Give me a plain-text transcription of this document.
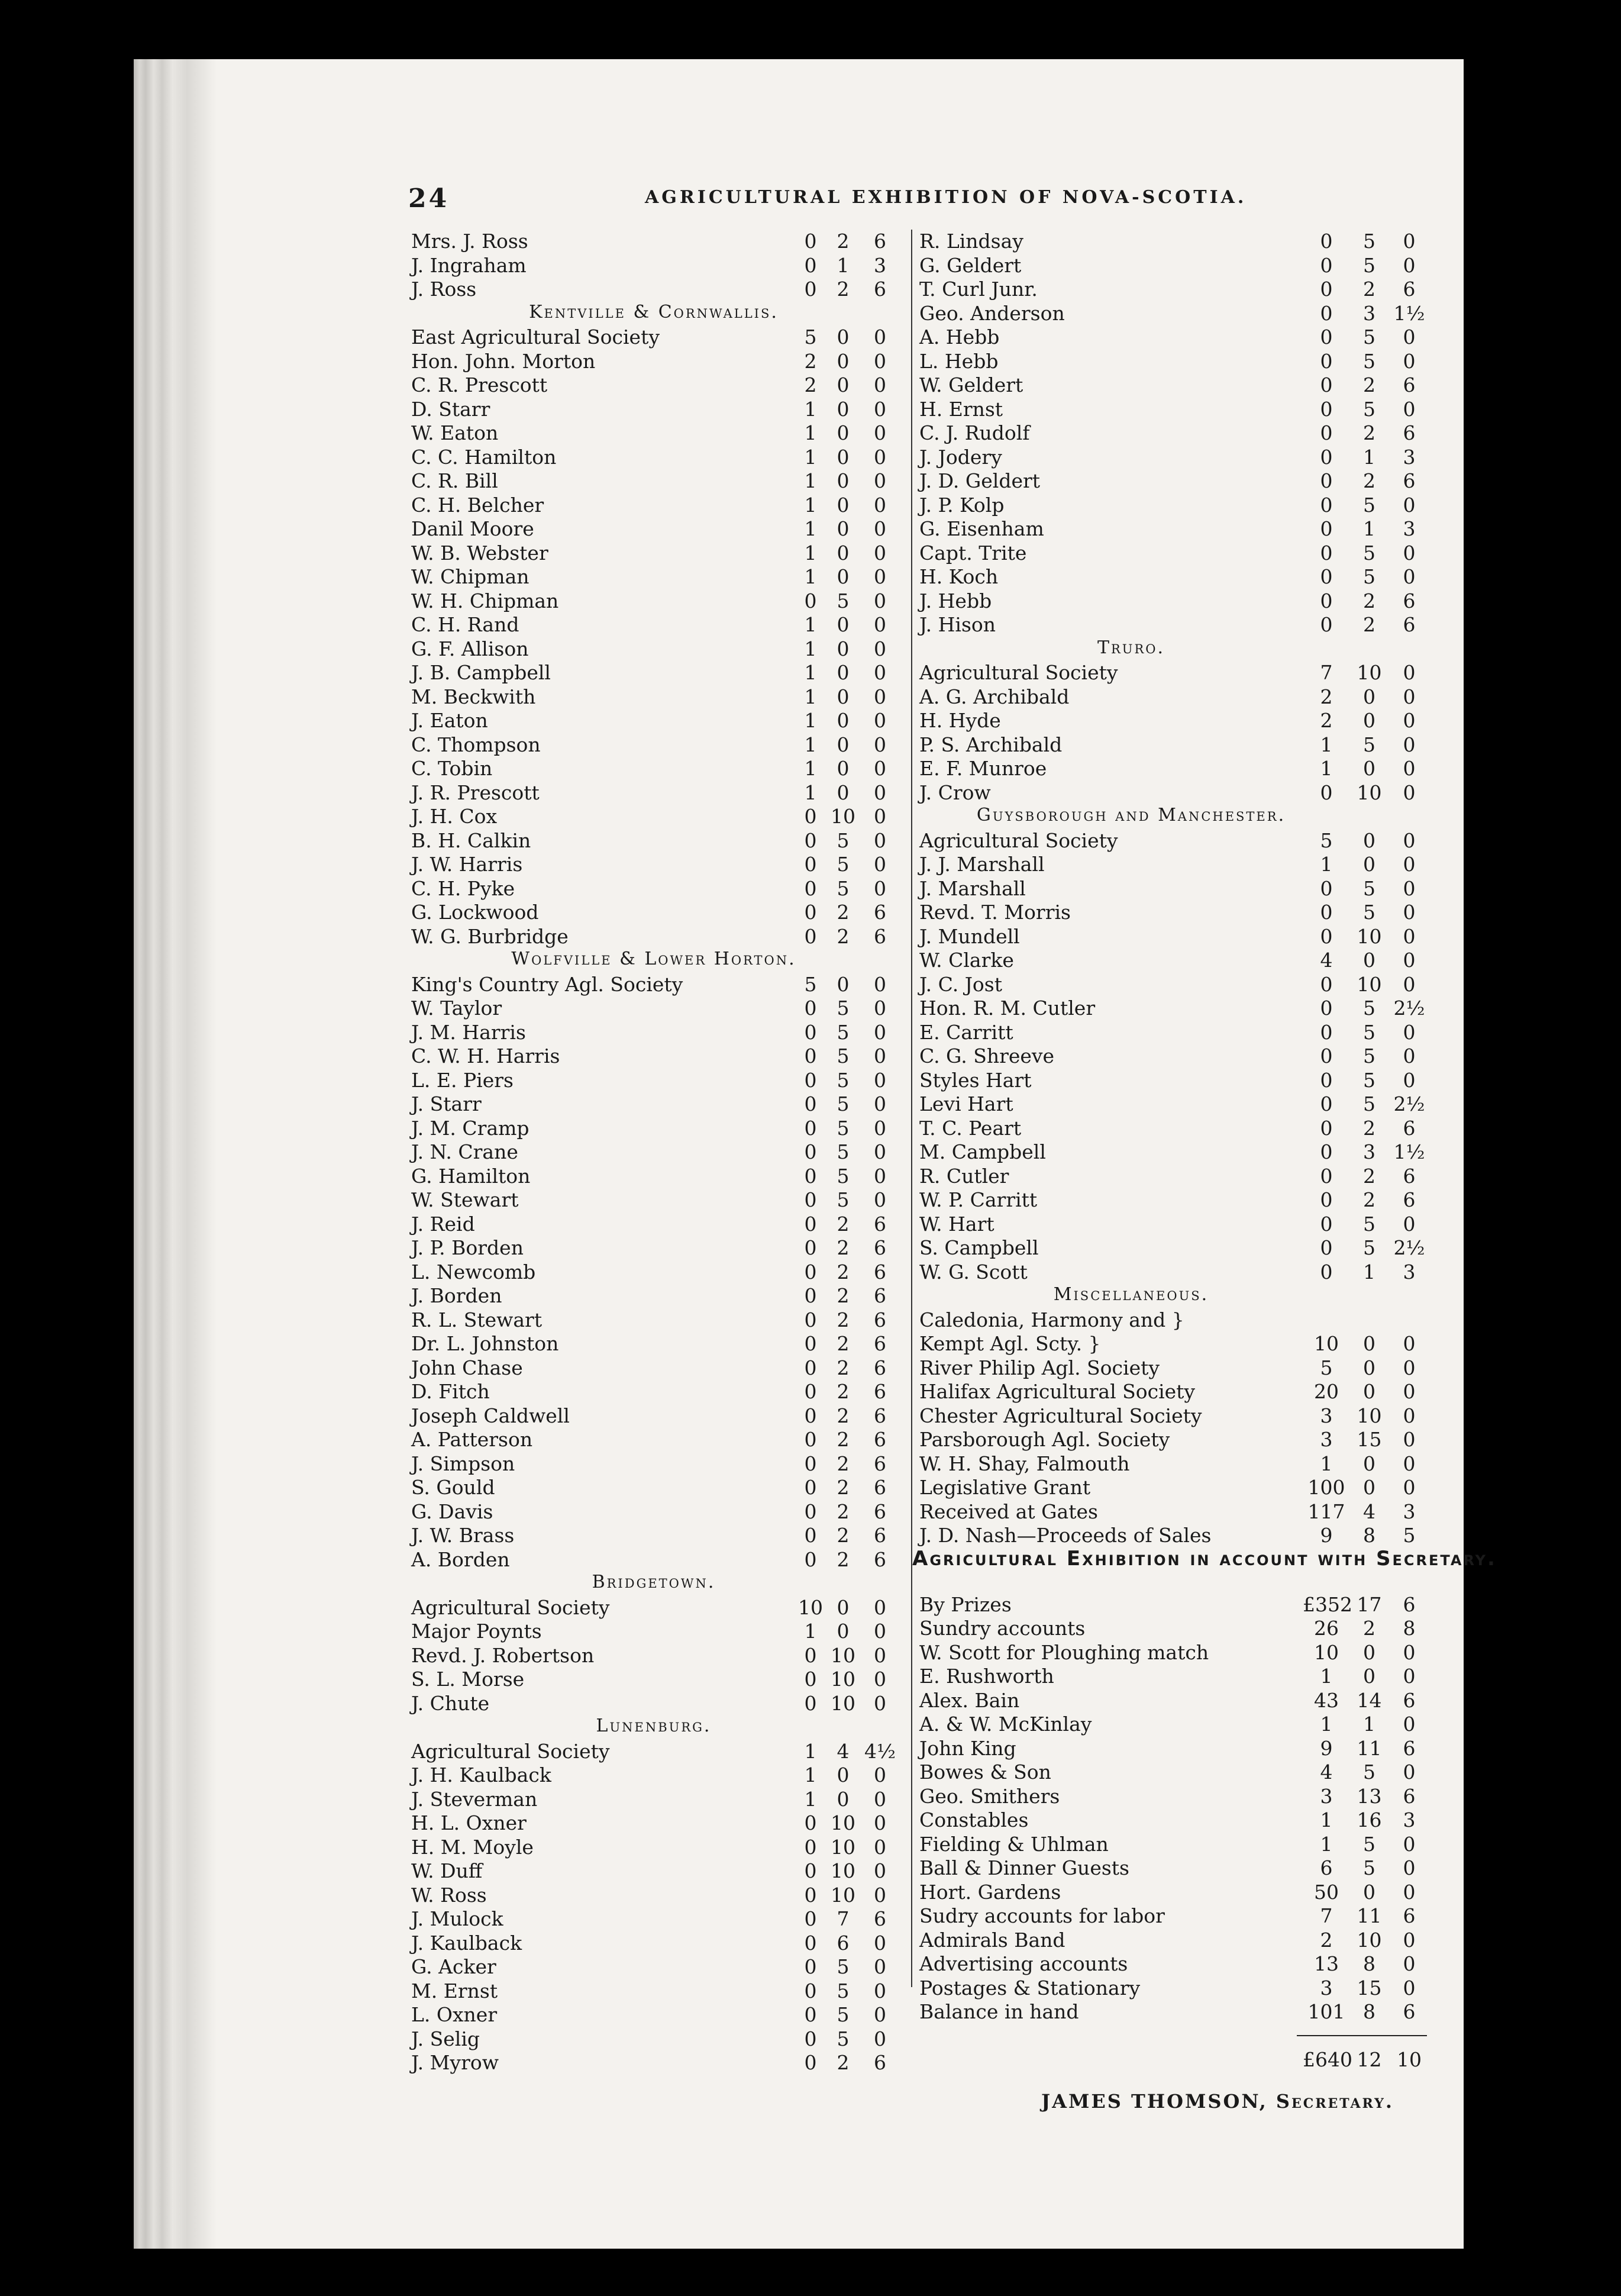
24	AGRICULTURAL EXHIBITION OF NOVA-SCOTIA.
Mrs. J. Ross	0	2	6
J. Ingraham	0	1	3
J. Ross	0	2	6
Kentville & Cornwallis.
East Agricultural Society	5	0	0
Hon. John. Morton	2	0	0
C. R. Prescott	2	0	0
D. Starr	1	0	0
W. Eaton	1	0	0
C. C. Hamilton	1	0	0
C. R. Bill	1	0	0
C. H. Belcher	1	0	0
Danil Moore	1	0	0
W. B. Webster	1	0	0
W. Chipman	1	0	0
W. H. Chipman	0	5	0
C. H. Rand	1	0	0
G. F. Allison	1	0	0
J. B. Campbell	1	0	0
M. Beckwith	1	0	0
J. Eaton	1	0	0
C. Thompson	1	0	0
C. Tobin	1	0	0
J. R. Prescott	1	0	0
J. H. Cox	0 10 0
B. H. Calkin	0	5	0
J. W. Harris	0	5	0
C. H. Pyke	0	5	0
G. Lockwood	0	2	6
W. G. Burbridge	0	2	6
Wolfville & Lower Horton.
King's Country Agl. Society	5	0	0
W. Taylor	0	5	0
J. M. Harris	0	5	0
C. W. H. Harris	0	5	0
L. E. Piers	0	5	0
J. Starr	0	5	0
J. M. Cramp	0	5	0
J. N. Crane	0	5	0
G. Hamilton	0	5	0
W. Stewart	0	5	0
J. Reid	0	2	6
J. P. Borden	0	2	6
L. Newcomb	0	2	6
J. Borden	0	2	6
R. L. Stewart	0	2	6
Dr. L. Johnston	0	2	6
John Chase	0	2	6
D. Fitch	0	2	6
Joseph Caldwell	0	2	6
A. Patterson	0	2	6
J. Simpson	0	2	6
S. Gould	0	2	6
G. Davis	0	2	6
J. W. Brass	0	2	6
A. Borden	0	2	6
Bridgetown.
Agricultural Society	10 0	0
Major Poynts	1	0	0
Revd. J. Robertson	0 10 0
S. L. Morse	0 10 0
J. Chute	0 10 0
Lunenburg.
Agricultural Society	1	4 4½
J. H. Kaulback	1	0	0
J. Steverman	1	0	0
H. L. Oxner	0 10 0
H. M. Moyle	0 10 0
W. Duff	0 10 0
W. Ross	0 10 0
J. Mulock	0	7	6
J. Kaulback	0	6	0
G. Acker	0	5	0
M. Ernst	0	5	0
L. Oxner	0	5	0
J. Selig	0	5	0
J. Myrow	0	2	6
R. Lindsay	0	5	0
G. Geldert	0	5	0
T. Curl Junr.	0	2	6
Geo. Anderson	0	3 1½
A. Hebb	0	5	0
L. Hebb	0	5	0
W. Geldert	0	2	6
H. Ernst	0	5	0
C. J. Rudolf	0	2	6
J. Jodery	0	1	3
J. D. Geldert	0	2	6
J. P. Kolp	0	5	0
G. Eisenham	0	1	3
Capt. Trite	0	5	0
H. Koch	0	5	0
J. Hebb	0	2	6
J. Hison	0	2	6
Truro.
Agricultural Society	7	10	0
A. G. Archibald	2	0	0
H. Hyde	2	0	0
P. S. Archibald	1	5	0
E. F. Munroe	1	0	0
J. Crow	0	10	0
Guysborough and Manchester.
Agricultural Society	5	0	0
J. J. Marshall	1	0	0
J. Marshall	0	5	0
Revd. T. Morris	0	5	0
J. Mundell	0	10	0
W. Clarke	4	0	0
J. C. Jost	0	10	0
Hon. R. M. Cutler	0	5 2½
E. Carritt	0	5	0
C. G. Shreeve	0	5	0
Styles Hart	0	5	0
Levi Hart	0	5 2½
T. C. Peart	0	2	6
M. Campbell	0	3 1½
R. Cutler	0	2	6
W. P. Carritt	0	2	6
W. Hart	0	5	0
S. Campbell	0	5 2½
W. G. Scott	0	1	3
Miscellaneous.
Caledonia, Harmony and }
Kempt Agl. Scty. }	10	0	0
River Philip Agl. Society	5	0	0
Halifax Agricultural Society	20	0	0
Chester Agricultural Society	3	10	0
Parsborough Agl. Society	3	15	0
W. H. Shay, Falmouth	1	0	0
Legislative Grant	100 0	0
Received at Gates	117 4	3
J. D. Nash—Proceeds of Sales	9	8	5
Agricultural Exhibition in account with Secretary.
By Prizes	£352 17	6
Sundry accounts	26	2	8
W. Scott for Ploughing match	10	0	0
E. Rushworth	1	0	0
Alex. Bain	43 14	6
A. & W. McKinlay	1	1	0
John King	9	11	6
Bowes & Son	4	5	0
Geo. Smithers	3	13	6
Constables	1	16	3
Fielding & Uhlman	1	5	0
Ball & Dinner Guests	6	5	0
Hort. Gardens	50	0	0
Sudry accounts for labor	7	11	6
Admirals Band	2	10	0
Advertising accounts	13	8	0
Postages & Stationary	3	15	0
Balance in hand	101 8	6
£640 12 10
JAMES THOMSON, Secretary.
